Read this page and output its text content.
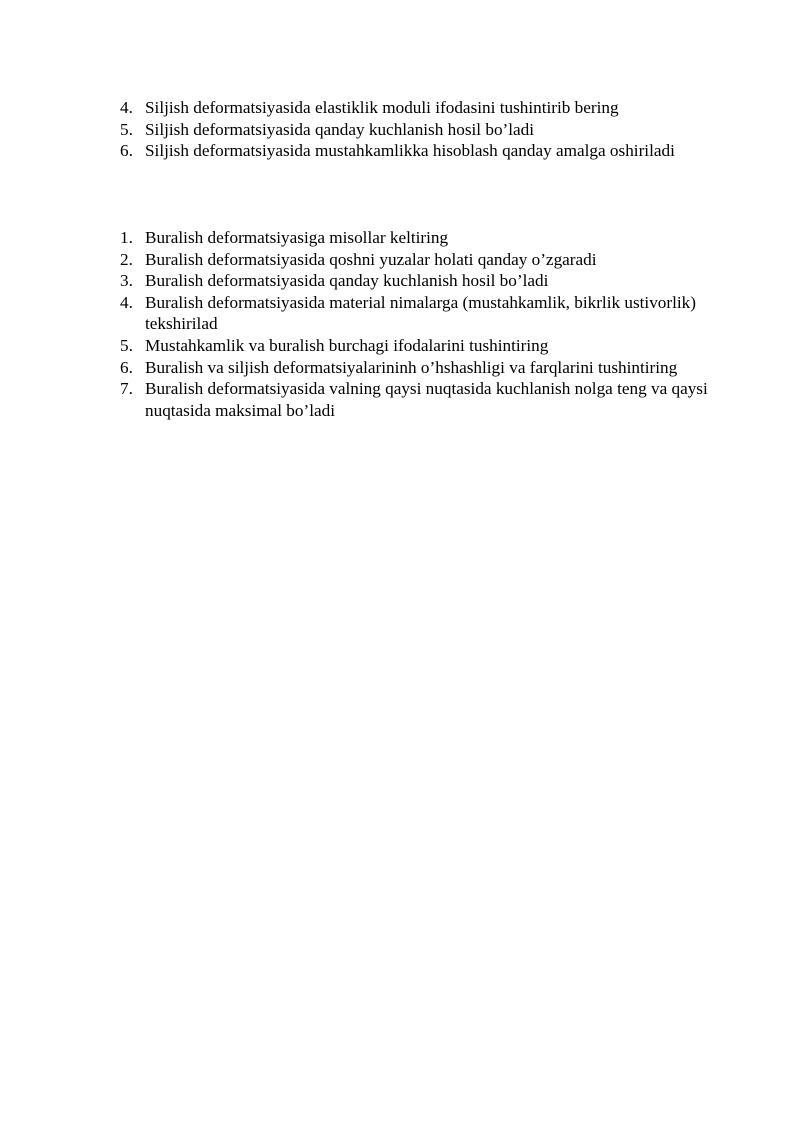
4. Siljish deformatsiyasida elastiklik moduli ifodasini tushintirib bering
5. Siljish deformatsiyasida qanday kuchlanish hosil bo’ladi
6. Siljish deformatsiyasida mustahkamlikka hisoblash qanday amalga oshiriladi
1. Buralish deformatsiyasiga misollar keltiring
2. Buralish deformatsiyasida qoshni yuzalar holati qanday o’zgaradi
3. Buralish deformatsiyasida qanday kuchlanish hosil bo’ladi
4. Buralish deformatsiyasida material nimalarga (mustahkamlik, bikrlik ustivorlik) tekshirilad
5. Mustahkamlik va buralish burchagi ifodalarini tushintiring
6. Buralish va siljish deformatsiyalarininh o’hshashligi va farqlarini tushintiring
7. Buralish deformatsiyasida valning qaysi nuqtasida kuchlanish nolga teng va qaysi nuqtasida maksimal bo’ladi
